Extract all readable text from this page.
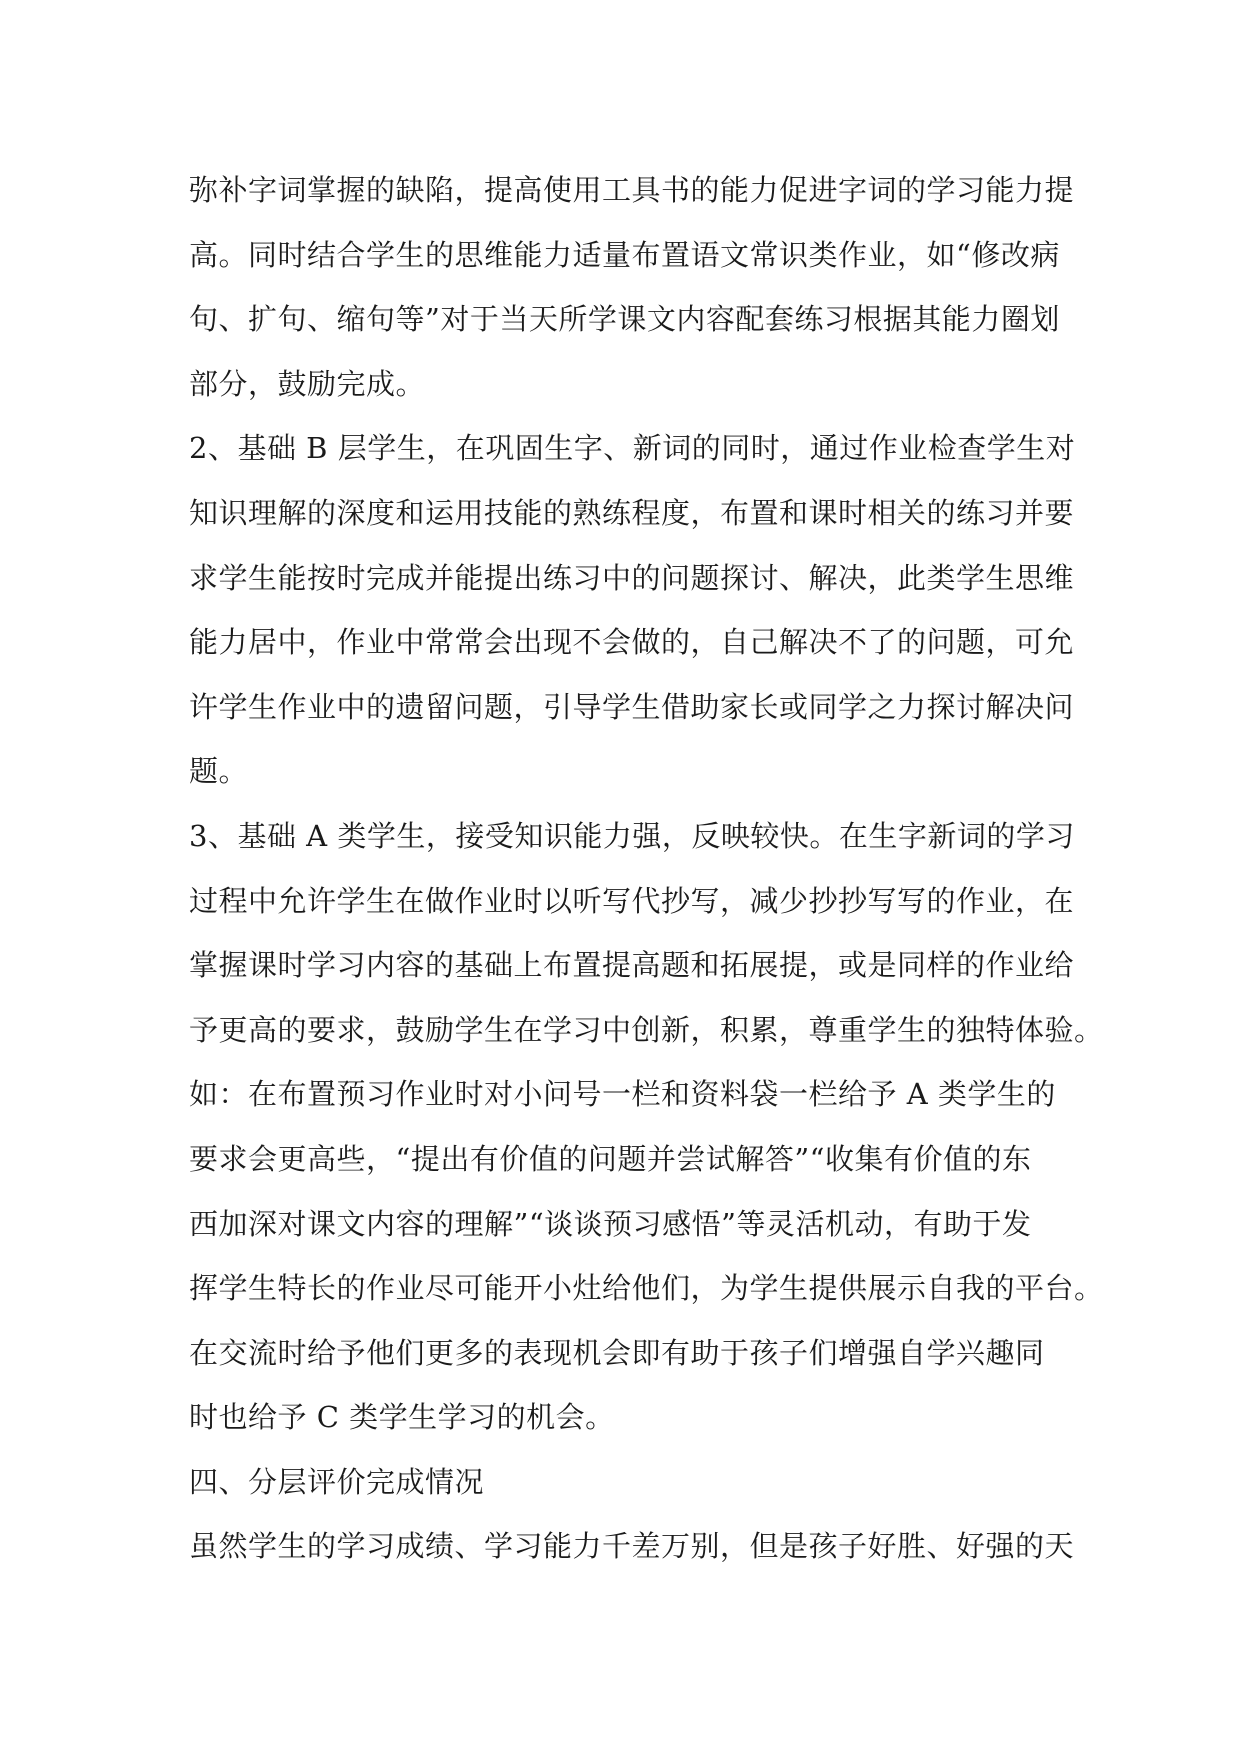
弥补字词掌握的缺陷，提高使用工具书的能力促进字词的学习能力提
高。同时结合学生的思维能力适量布置语文常识类作业，如“修改病
句、扩句、缩句等”对于当天所学课文内容配套练习根据其能力圈划
部分，鼓励完成。
2、基础 B 层学生，在巩固生字、新词的同时，通过作业检查学生对
知识理解的深度和运用技能的熟练程度，布置和课时相关的练习并要
求学生能按时完成并能提出练习中的问题探讨、解决，此类学生思维
能力居中，作业中常常会出现不会做的，自己解决不了的问题，可允
许学生作业中的遗留问题，引导学生借助家长或同学之力探讨解决问
题。
3、基础 A 类学生，接受知识能力强，反映较快。在生字新词的学习
过程中允许学生在做作业时以听写代抄写，减少抄抄写写的作业，在
掌握课时学习内容的基础上布置提高题和拓展提，或是同样的作业给
予更高的要求，鼓励学生在学习中创新，积累，尊重学生的独特体验。
如：在布置预习作业时对小问号一栏和资料袋一栏给予 A 类学生的
要求会更高些，“提出有价值的问题并尝试解答”“收集有价值的东
西加深对课文内容的理解”“谈谈预习感悟”等灵活机动，有助于发
挥学生特长的作业尽可能开小灶给他们，为学生提供展示自我的平台。
在交流时给予他们更多的表现机会即有助于孩子们增强自学兴趣同
时也给予 C 类学生学习的机会。
四、分层评价完成情况
虽然学生的学习成绩、学习能力千差万别，但是孩子好胜、好强的天
